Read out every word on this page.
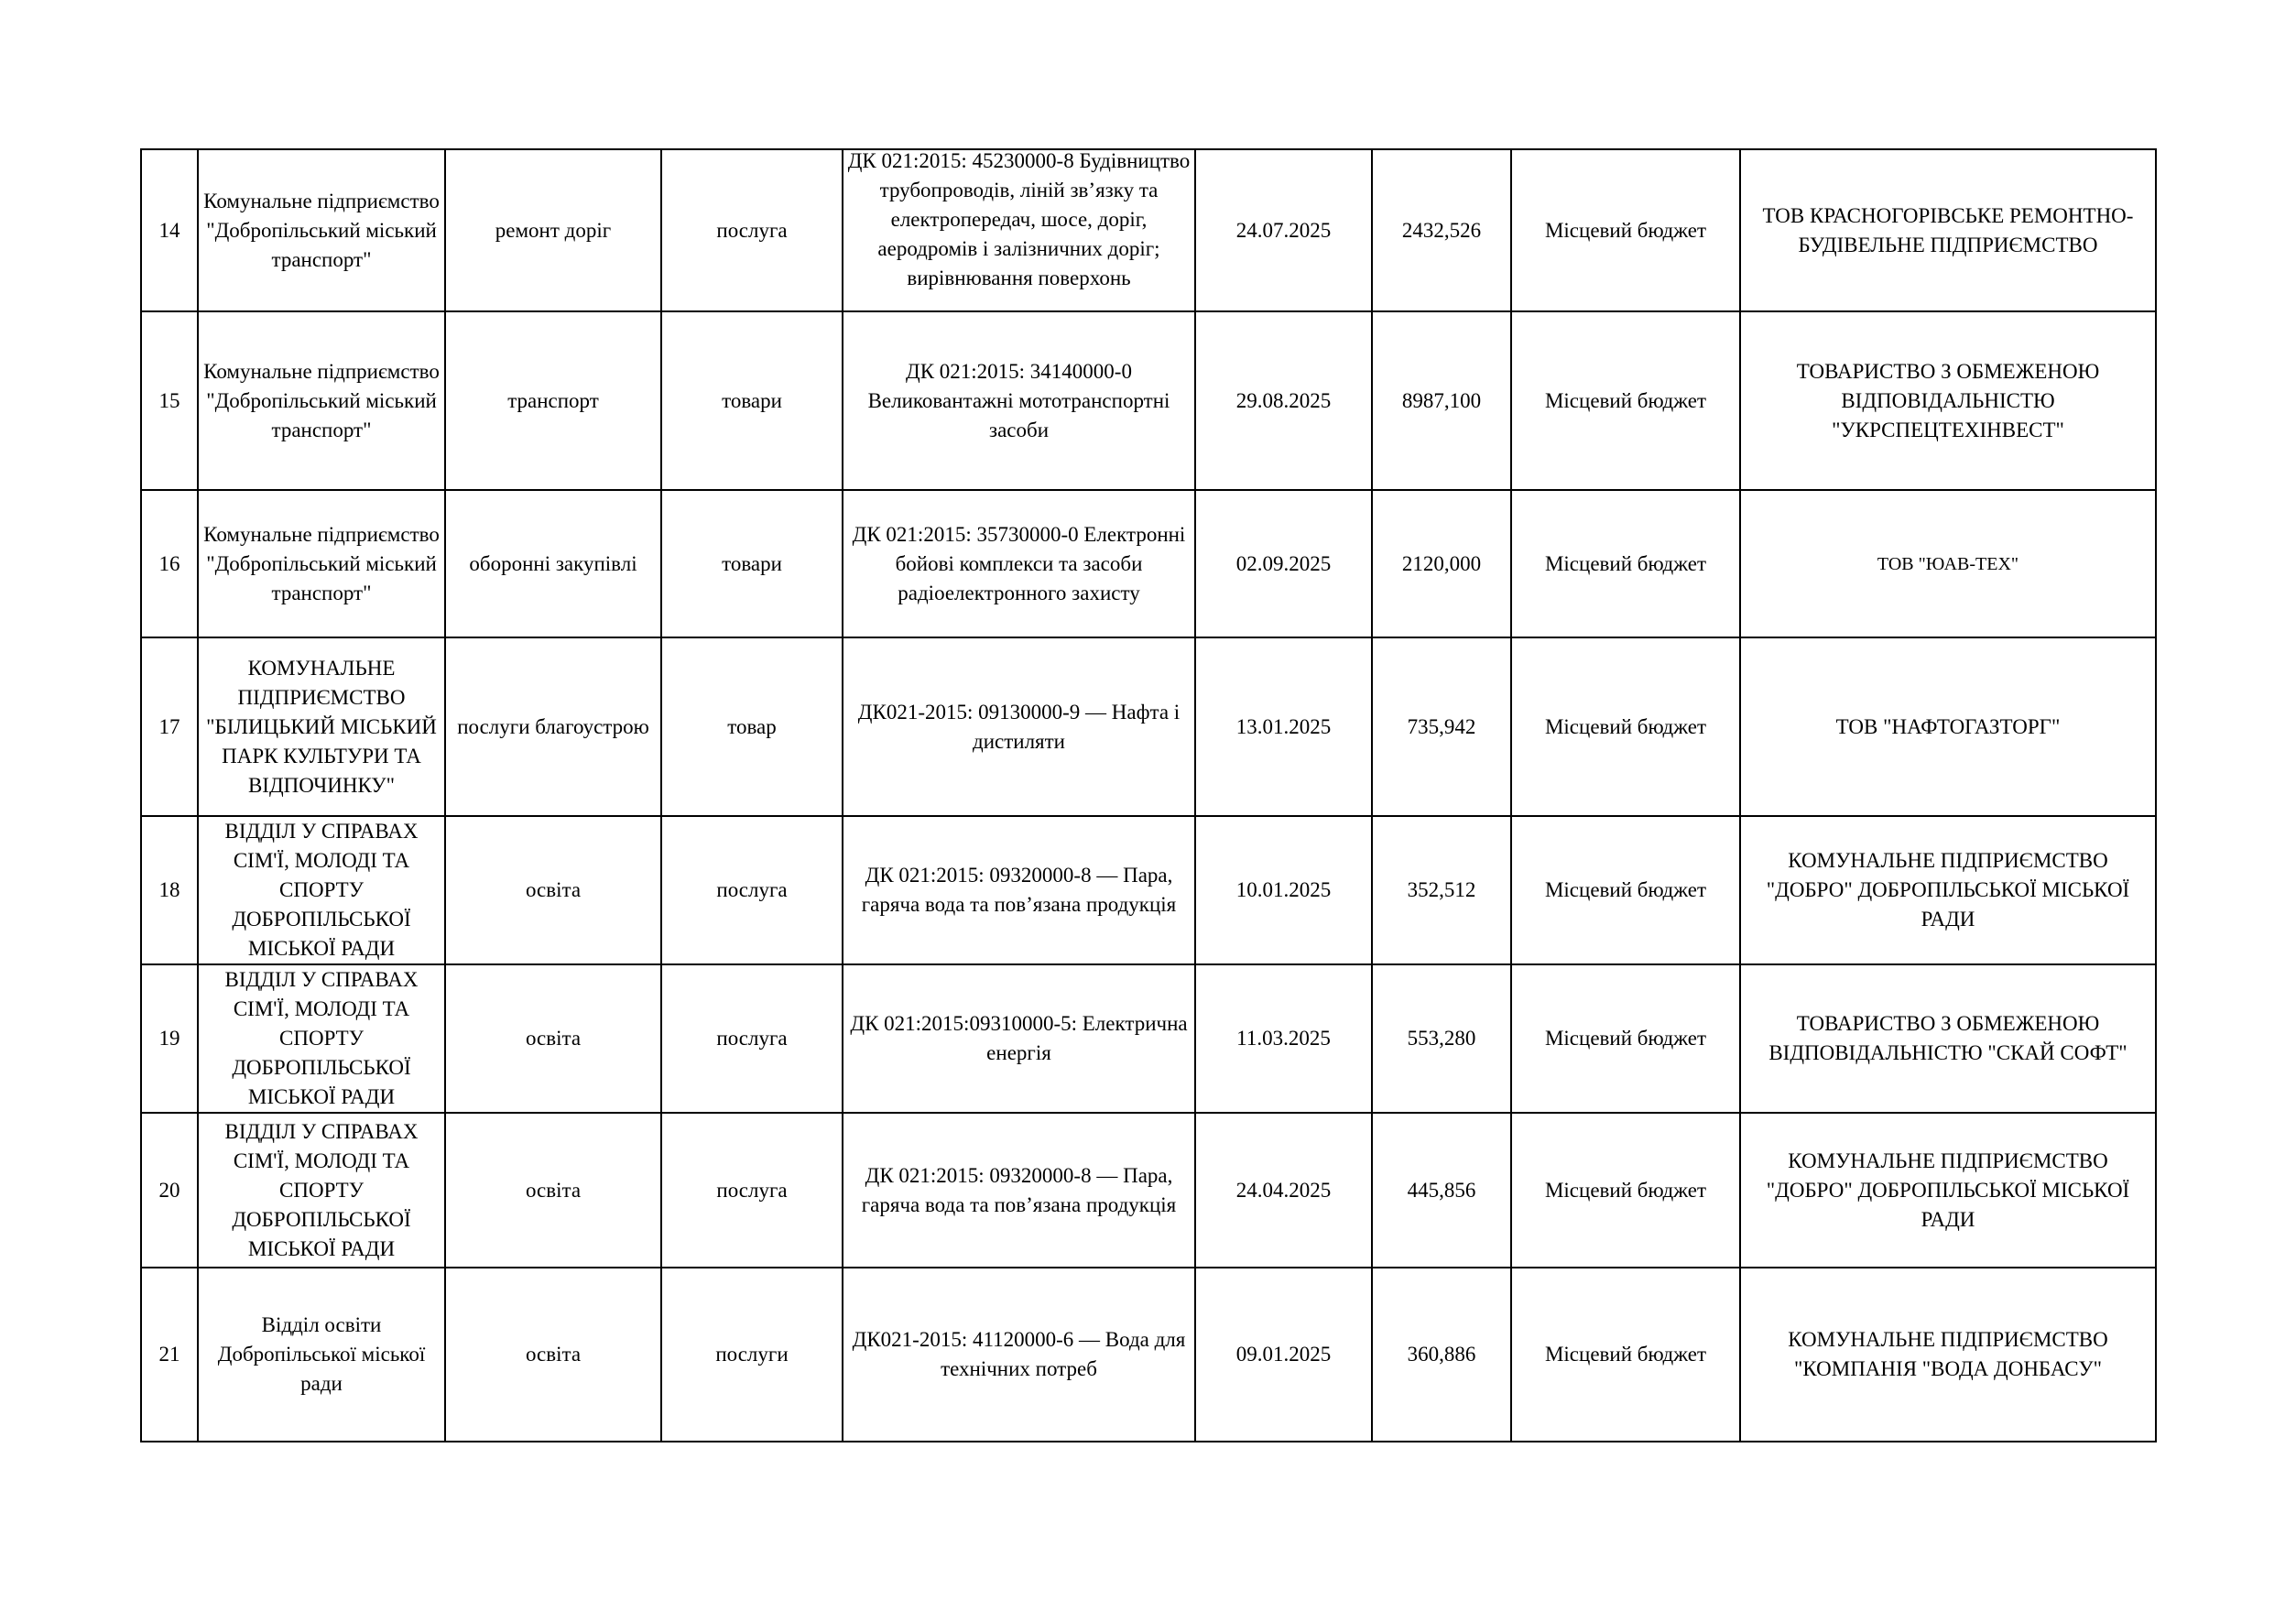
14	Комунальне підприємство "Добропільський міський транспорт"	ремонт доріг	послуга	ДК 021:2015: 45230000-8 Будівництво трубопроводів, ліній зв’язку та електропередач, шосе, доріг, аеродромів і залізничних доріг; вирівнювання поверхонь	24.07.2025	2432,526	Місцевий бюджет	ТОВ КРАСНОГОРІВСЬКЕ РЕМОНТНО-БУДІВЕЛЬНЕ ПІДПРИЄМСТВО
15	Комунальне підприємство "Добропільський міський транспорт"	транспорт	товари	ДК 021:2015: 34140000-0 Великовантажні мототранспортні засоби	29.08.2025	8987,100	Місцевий бюджет	ТОВАРИСТВО З ОБМЕЖЕНОЮ ВІДПОВІДАЛЬНІСТЮ "УКРСПЕЦТЕХІНВЕСТ"
16	Комунальне підприємство "Добропільський міський транспорт"	оборонні закупівлі	товари	ДК 021:2015: 35730000-0 Електронні бойові комплекси та засоби радіоелектронного захисту	02.09.2025	2120,000	Місцевий бюджет	ТОВ "ЮАВ-ТЕХ"
17	КОМУНАЛЬНЕ ПІДПРИЄМСТВО "БІЛИЦЬКИЙ МІСЬКИЙ ПАРК КУЛЬТУРИ ТА ВІДПОЧИНКУ"	послуги благоустрою	товар	ДК021-2015: 09130000-9 — Нафта і дистиляти	13.01.2025	735,942	Місцевий бюджет	ТОВ "НАФТОГАЗТОРГ"
18	ВІДДІЛ У СПРАВАХ СІМ'Ї, МОЛОДІ ТА СПОРТУ ДОБРОПІЛЬСЬКОЇ МІСЬКОЇ РАДИ	освіта	послуга	ДК 021:2015: 09320000-8 — Пара, гаряча вода та пов’язана продукція	10.01.2025	352,512	Місцевий бюджет	КОМУНАЛЬНЕ ПІДПРИЄМСТВО "ДОБРО" ДОБРОПІЛЬСЬКОЇ МІСЬКОЇ РАДИ
19	ВІДДІЛ У СПРАВАХ СІМ'Ї, МОЛОДІ ТА СПОРТУ ДОБРОПІЛЬСЬКОЇ МІСЬКОЇ РАДИ	освіта	послуга	ДК 021:2015:09310000-5: Електрична енергія	11.03.2025	553,280	Місцевий бюджет	ТОВАРИСТВО З ОБМЕЖЕНОЮ ВІДПОВІДАЛЬНІСТЮ "СКАЙ СОФТ"
20	ВІДДІЛ У СПРАВАХ СІМ'Ї, МОЛОДІ ТА СПОРТУ ДОБРОПІЛЬСЬКОЇ МІСЬКОЇ РАДИ	освіта	послуга	ДК 021:2015: 09320000-8 — Пара, гаряча вода та пов’язана продукція	24.04.2025	445,856	Місцевий бюджет	КОМУНАЛЬНЕ ПІДПРИЄМСТВО "ДОБРО" ДОБРОПІЛЬСЬКОЇ МІСЬКОЇ РАДИ
21	Відділ освіти Добропільської міської ради	освіта	послуги	ДК021-2015: 41120000-6 — Вода для технічних потреб	09.01.2025	360,886	Місцевий бюджет	КОМУНАЛЬНЕ ПІДПРИЄМСТВО "КОМПАНІЯ "ВОДА ДОНБАСУ"
